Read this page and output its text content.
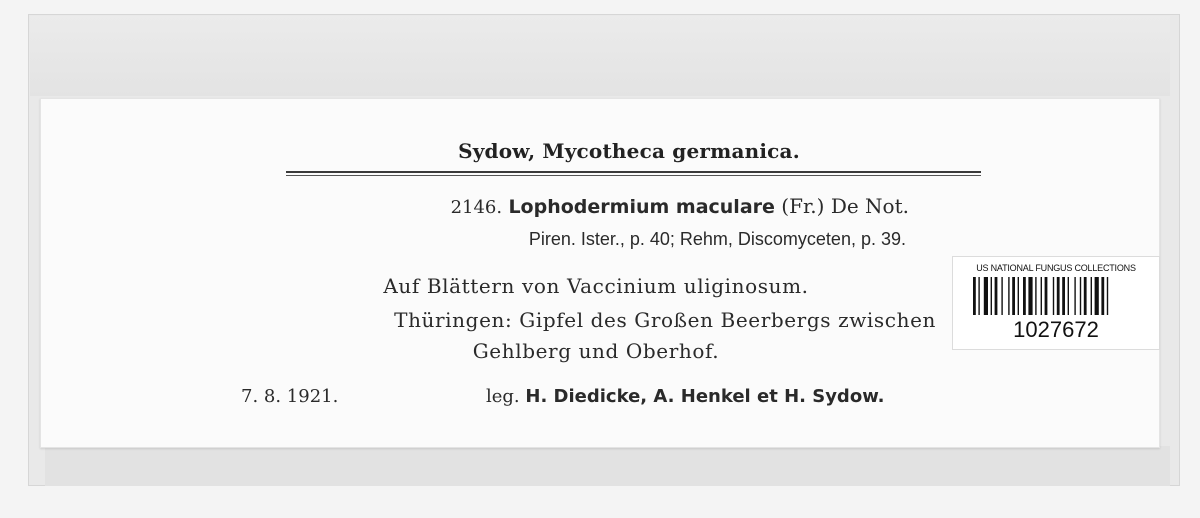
Sydow, Mycotheca germanica.
2146. Lophodermium maculare (Fr.) De Not.
Piren. Ister., p. 40; Rehm, Discomyceten, p. 39.
Auf Blättern von Vaccinium uliginosum.
Thüringen: Gipfel des Großen Beerbergs zwischen
Gehlberg und Oberhof.
7. 8. 1921.	leg. H. Diedicke, A. Henkel et H. Sydow.
US NATIONAL FUNGUS COLLECTIONS
1027672
